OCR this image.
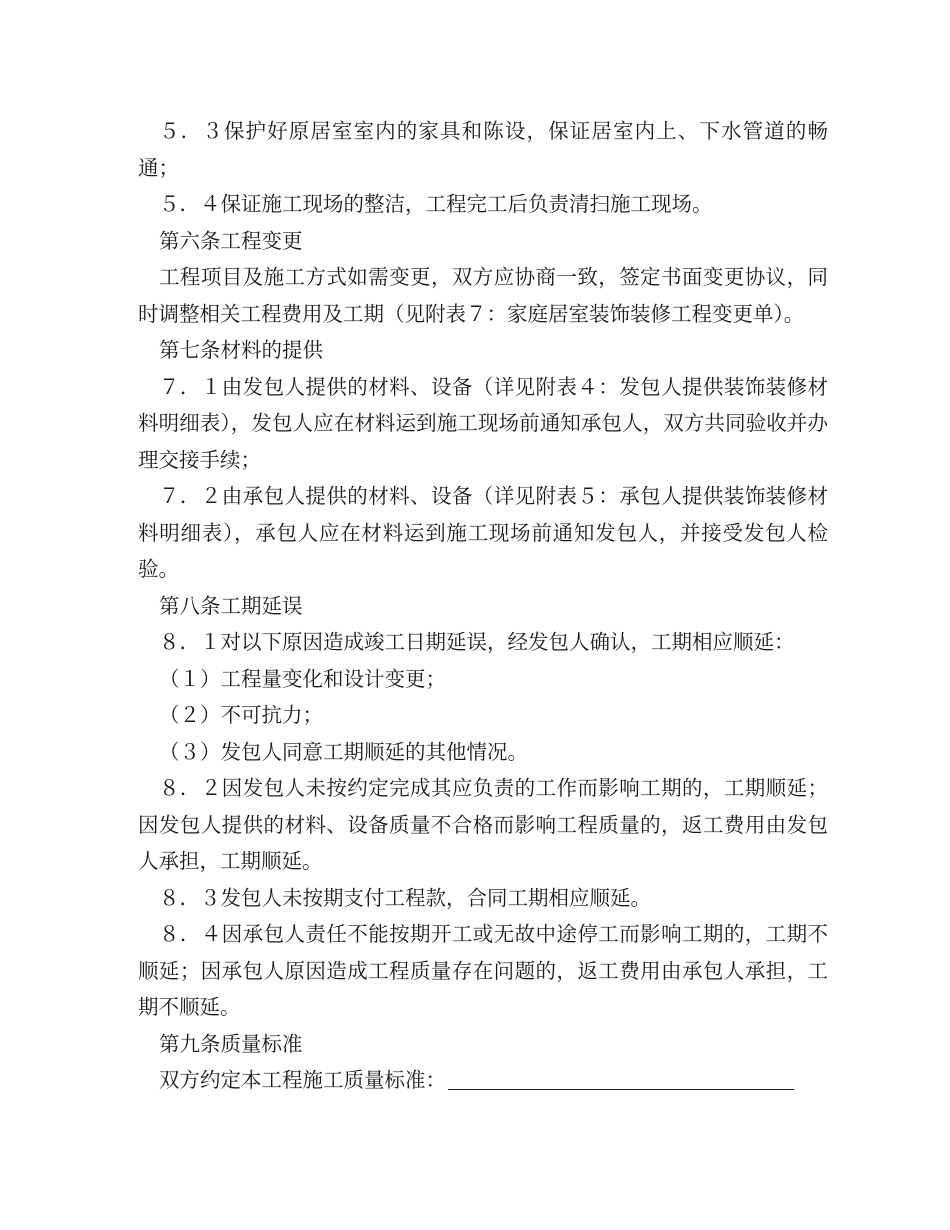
５．３保护好原居室室内的家具和陈设，保证居室内上、下水管道的畅通；

５．４保证施工现场的整洁，工程完工后负责清扫施工现场。

第六条工程变更

工程项目及施工方式如需变更，双方应协商一致，签定书面变更协议，同时调整相关工程费用及工期（见附表７：家庭居室装饰装修工程变更单）。

第七条材料的提供

７．１由发包人提供的材料、设备（详见附表４：发包人提供装饰装修材料明细表），发包人应在材料运到施工现场前通知承包人，双方共同验收并办理交接手续；

７．２由承包人提供的材料、设备（详见附表５：承包人提供装饰装修材料明细表），承包人应在材料运到施工现场前通知发包人，并接受发包人检验。

第八条工期延误

８．１对以下原因造成竣工日期延误，经发包人确认，工期相应顺延：

（１）工程量变化和设计变更；

（２）不可抗力；

（３）发包人同意工期顺延的其他情况。

８．２因发包人未按约定完成其应负责的工作而影响工期的，工期顺延；因发包人提供的材料、设备质量不合格而影响工程质量的，返工费用由发包人承担，工期顺延。

８．３发包人未按期支付工程款，合同工期相应顺延。

８．４因承包人责任不能按期开工或无故中途停工而影响工期的，工期不顺延；因承包人原因造成工程质量存在问题的，返工费用由承包人承担，工期不顺延。

第九条质量标准

双方约定本工程施工质量标准：
